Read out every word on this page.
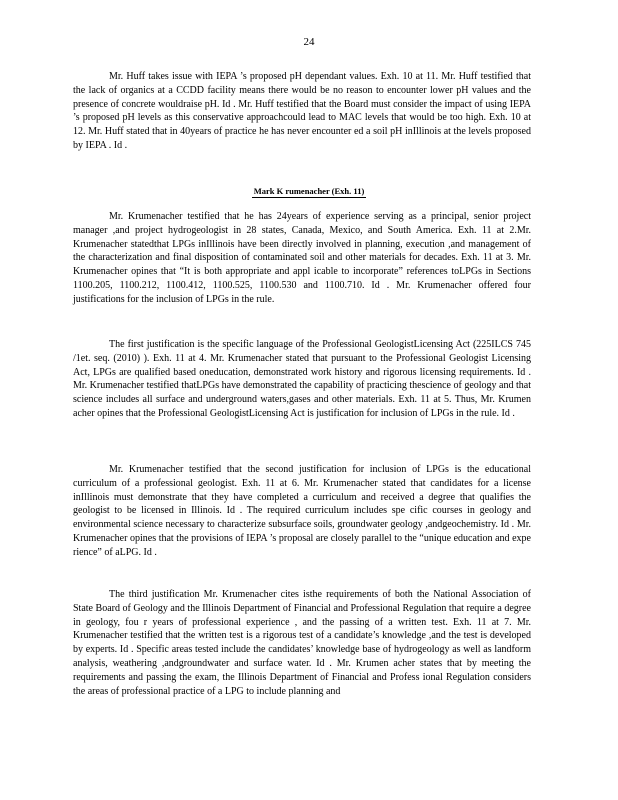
24

Mr. Huff takes issue with IEPA ’s proposed pH dependant values. Exh. 10 at 11. Mr. Huff testified that the lack of organics at a CCDD facility means there would be no reason to encounter lower pH values and the presence of concrete wouldraise pH. Id . Mr. Huff testified that the Board must consider the impact of using IEPA ’s proposed pH levels as this conservative approachcould lead to MAC levels that would be too high. Exh. 10 at 12. Mr. Huff stated that in 40years of practice he has never encounter ed a soil pH inIllinois at the levels proposed by IEPA . Id .

Mark K rumenacher (Exh. 11)

Mr. Krumenacher testified that he has 24years of experience serving as a principal, senior project manager ,and project hydrogeologist in 28 states, Canada, Mexico, and South America. Exh. 11 at 2.Mr. Krumenacher statedthat LPGs inIllinois have been directly involved in planning, execution ,and management of the characterization and final disposition of contaminated soil and other materials for decades. Exh. 11 at 3. Mr. Krumenacher opines that “It is both appropriate and appl icable to incorporate” references toLPGs in Sections 1100.205, 1100.212, 1100.412, 1100.525, 1100.530 and 1100.710. Id . Mr. Krumenacher offered four justifications for the inclusion of LPGs in the rule.

The first justification is the specific language of the Professional GeologistLicensing Act (225ILCS 745 /1et. seq. (2010) ). Exh. 11 at 4. Mr. Krumenacher stated that pursuant to the Professional Geologist Licensing Act, LPGs are qualified based oneducation, demonstrated work history and rigorous licensing requirements. Id . Mr. Krumenacher testified thatLPGs have demonstrated the capability of practicing thescience of geology and that science includes all surface and underground waters,gases and other materials. Exh. 11 at 5. Thus, Mr. Krumen acher opines that the Professional GeologistLicensing Act is justification for inclusion of LPGs in the rule. Id .

Mr. Krumenacher testified that the second justification for inclusion of LPGs is the educational curriculum of a professional geologist. Exh. 11 at 6. Mr. Krumenacher stated that candidates for a license inIllinois must demonstrate that they have completed a curriculum and received a degree that qualifies the geologist to be licensed in Illinois. Id . The required curriculum includes spe cific courses in geology and environmental science necessary to characterize subsurface soils, groundwater geology ,andgeochemistry. Id . Mr. Krumenacher opines that the provisions of IEPA ’s proposal are closely parallel to the “unique education and expe rience” of aLPG. Id .

The third justification Mr. Krumenacher cites isthe requirements of both the National Association of State Board of Geology and the Illinois Department of Financial and Professional Regulation that require a degree in geology, fou r years of professional experience , and the passing of a written test. Exh. 11 at 7. Mr. Krumenacher testified that the written test is a rigorous test of a candidate’s knowledge ,and the test is developed by experts. Id . Specific areas tested include the candidates’ knowledge base of hydrogeology as well as landform analysis, weathering ,andgroundwater and surface water. Id . Mr. Krumen acher states that by meeting the requirements and passing the exam, the Illinois Department of Financial and Profess ional Regulation considers the areas of professional practice of a LPG to include planning and
